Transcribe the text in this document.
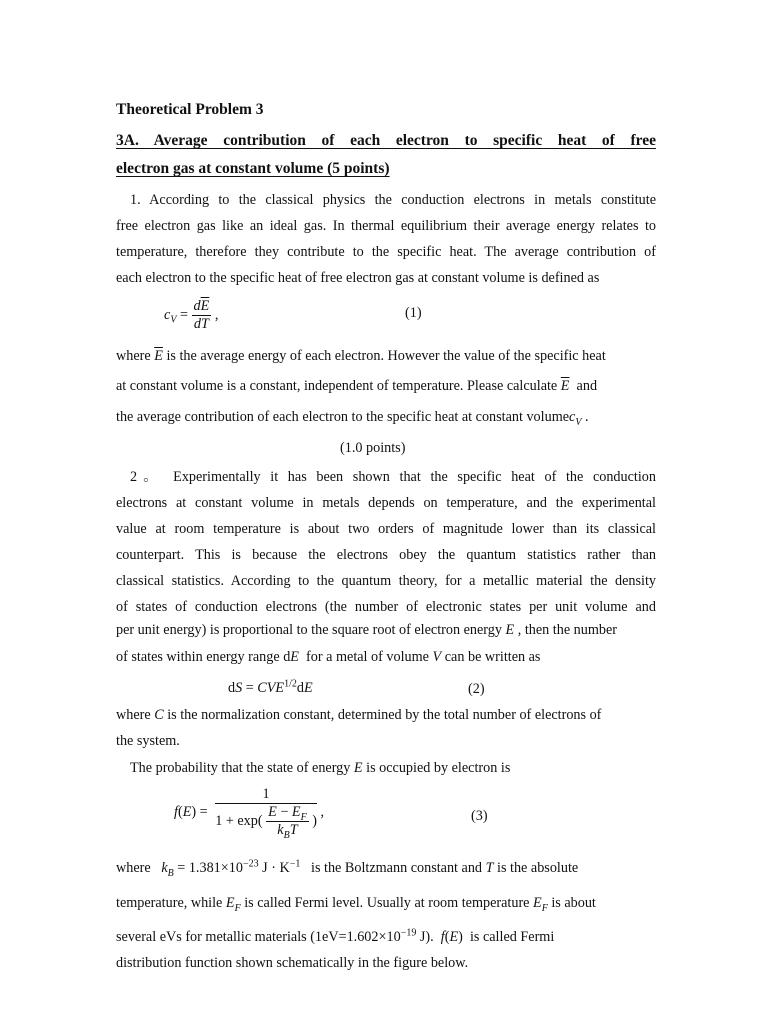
Theoretical Problem 3
3A. Average contribution of each electron to specific heat of free
electron gas at constant volume (5 points)
1. According to the classical physics the conduction electrons in metals constitute
free electron gas like an ideal gas. In thermal equilibrium their average energy relates to
temperature, therefore they contribute to the specific heat. The average contribution of
each electron to the specific heat of free electron gas at constant volume is defined as
$c_V = \frac{d\overline{E}}{dT}$ ,	(1)
where $\overline{E}$ is the average energy of each electron. However the value of the specific heat
at constant volume is a constant, independent of temperature. Please calculate $\overline{E}$ and
the average contribution of each electron to the specific heat at constant volumec$_V$ .
(1.0 points)
2。 Experimentally it has been shown that the specific heat of the conduction
electrons at constant volume in metals depends on temperature, and the experimental
value at room temperature is about two orders of magnitude lower than its classical
counterpart. This is because the electrons obey the quantum statistics rather than
classical statistics. According to the quantum theory, for a metallic material the density
of states of conduction electrons (the number of electronic states per unit volume and
per unit energy) is proportional to the square root of electron energy E , then the number
of states within energy range dE for a metal of volume V can be written as
dS = $CVE^{1/2}dE$	(2)
where C is the normalization constant, determined by the total number of electrons of
the system.
The probability that the state of energy E is occupied by electron is
$f(E) = \frac{1}{1 + \exp( \frac{E - E_F}{k_BT} )}$ ,	(3)
where $k_B = 1.381\times 10^{-23}$ $J \cdot K^{-1}$ is the Boltzmann constant and T is the absolute
temperature, while $E_F$ is called Fermi level. Usually at room temperature $E_F$ is about
several eVs for metallic materials ($1eV=1.602\times 10^{-19}$ J). f(E)  is called Fermi
distribution function shown schematically in the figure below.
